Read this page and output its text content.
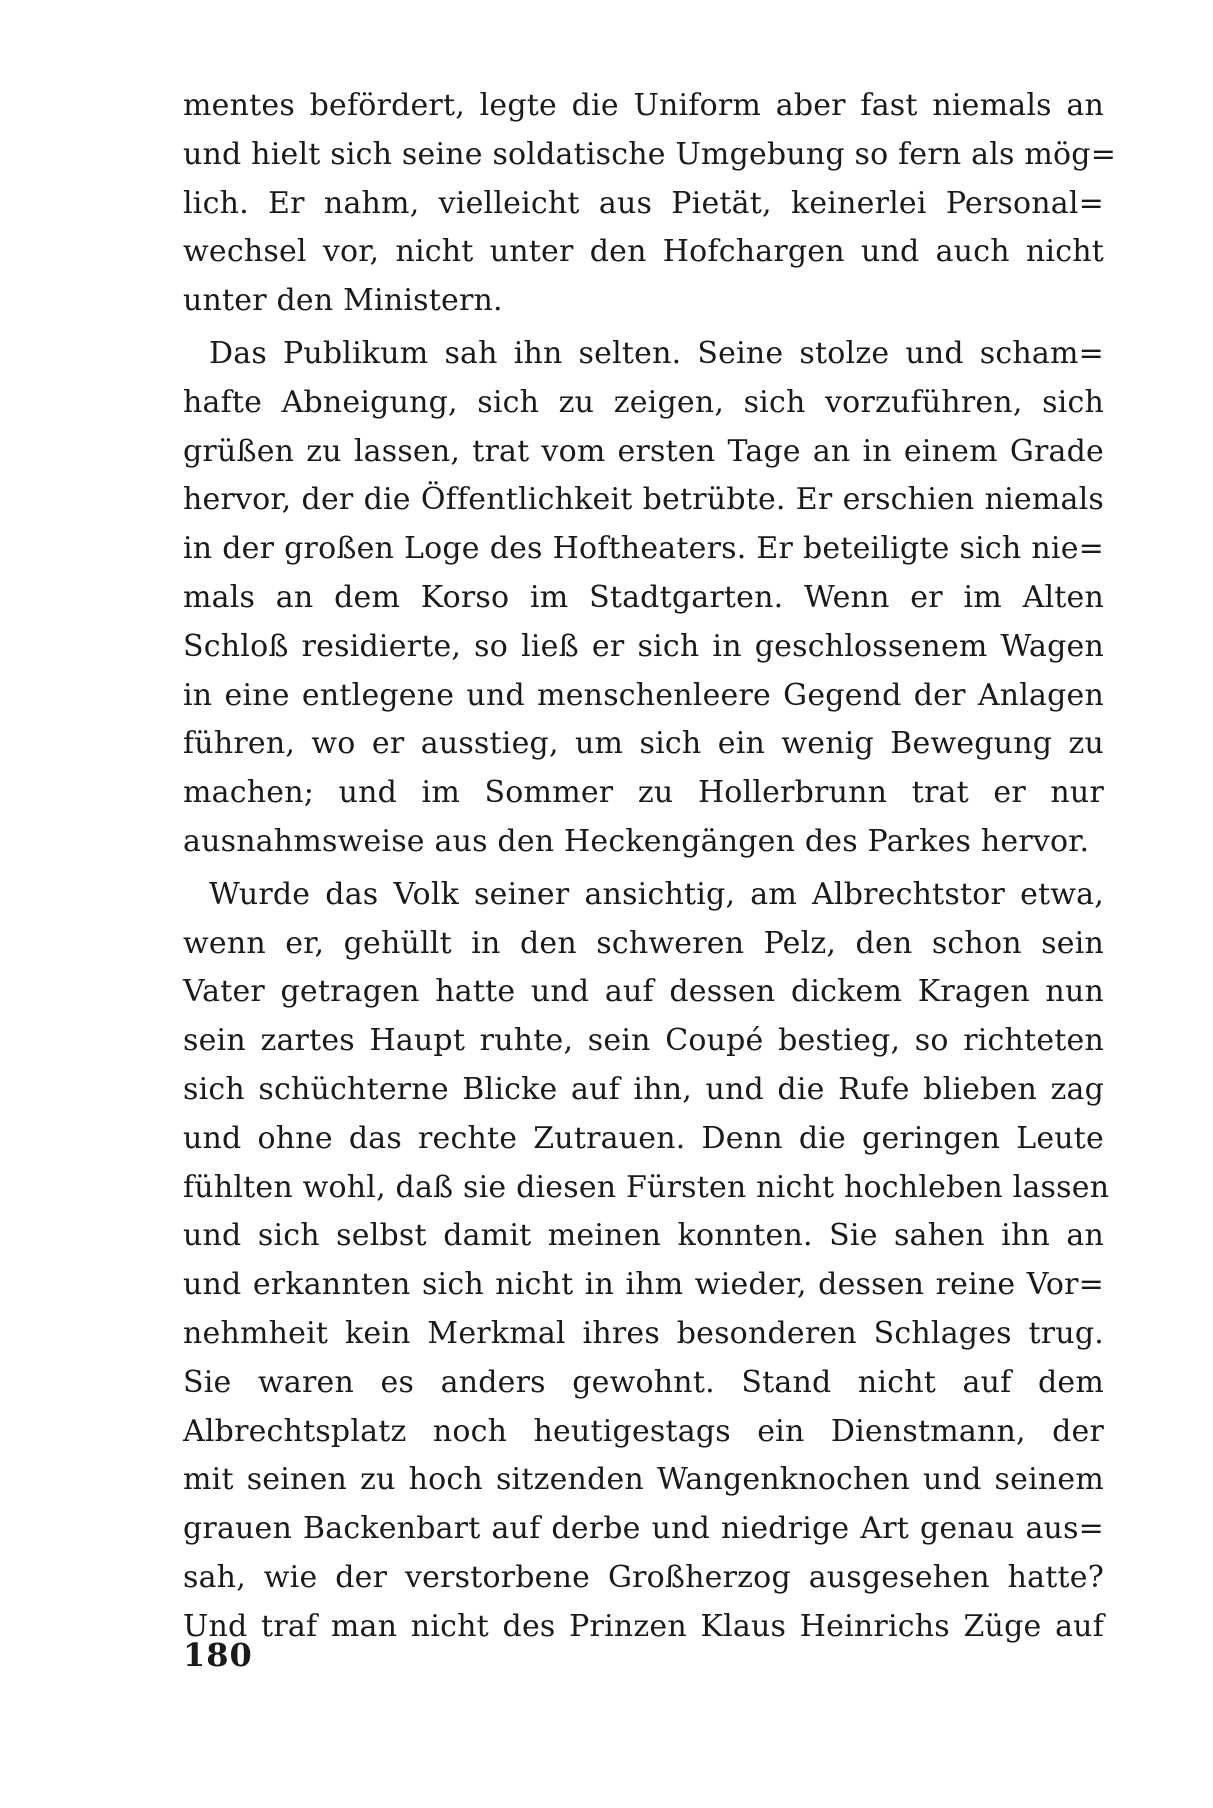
mentes befördert, legte die Uniform aber fast niemals an
und hielt sich seine soldatische Umgebung so fern als mög=
lich. Er nahm, vielleicht aus Pietät, keinerlei Personal=
wechsel vor, nicht unter den Hofchargen und auch nicht
unter den Ministern.
Das Publikum sah ihn selten. Seine stolze und scham=
hafte Abneigung, sich zu zeigen, sich vorzuführen, sich
grüßen zu lassen, trat vom ersten Tage an in einem Grade
hervor, der die Öffentlichkeit betrübte. Er erschien niemals
in der großen Loge des Hoftheaters. Er beteiligte sich nie=
mals an dem Korso im Stadtgarten. Wenn er im Alten
Schloß residierte, so ließ er sich in geschlossenem Wagen
in eine entlegene und menschenleere Gegend der Anlagen
führen, wo er ausstieg, um sich ein wenig Bewegung zu
machen; und im Sommer zu Hollerbrunn trat er nur
ausnahmsweise aus den Heckengängen des Parkes hervor.
Wurde das Volk seiner ansichtig, am Albrechtstor etwa,
wenn er, gehüllt in den schweren Pelz, den schon sein
Vater getragen hatte und auf dessen dickem Kragen nun
sein zartes Haupt ruhte, sein Coupé bestieg, so richteten
sich schüchterne Blicke auf ihn, und die Rufe blieben zag
und ohne das rechte Zutrauen. Denn die geringen Leute
fühlten wohl, daß sie diesen Fürsten nicht hochleben lassen
und sich selbst damit meinen konnten. Sie sahen ihn an
und erkannten sich nicht in ihm wieder, dessen reine Vor=
nehmheit kein Merkmal ihres besonderen Schlages trug.
Sie waren es anders gewohnt. Stand nicht auf dem
Albrechtsplatz noch heutigestags ein Dienstmann, der
mit seinen zu hoch sitzenden Wangenknochen und seinem
grauen Backenbart auf derbe und niedrige Art genau aus=
sah, wie der verstorbene Großherzog ausgesehen hatte?
Und traf man nicht des Prinzen Klaus Heinrichs Züge auf
180
